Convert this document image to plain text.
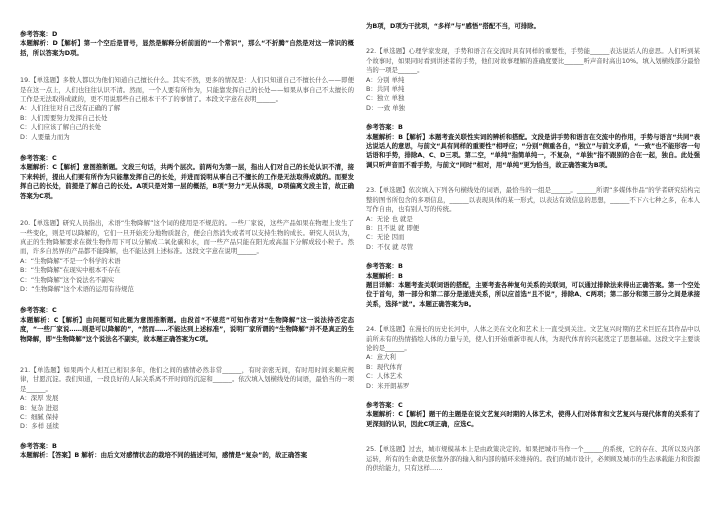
参考答案：D

本题解析：D【解析】第一个空后是冒号，显然是解释分析前面的“一个常识”，那么“不折腾”自然是对这一常识的概括，所以答案为D项。

19.【单选题】多数人都以为他们知道自己擅长什么。其实不然，更多的情况是：人们只知道自己不擅长什么——即便是在这一点上，人们也往往认识不清。然而，一个人要有所作为，只能靠发挥自己的长处——如果从事自己不太擅长的工作是无法取得成就的，更不用说那些自己根本干不了的事情了。本段文字意在表明______。

A：人们往往对自己没有正确的了解

B：人们需要努力发挥自己长处

C：人们应该了解自己的长处

D：人要量力而为

参考答案：C

本题解析：C【解析】意图推断题。文段三句话，共两个层次。前两句为第一层，指出人们对自己的长处认识不清，接下来转折，提出人们要有所作为只能靠发挥自己的长处，并进而说明从事自己不擅长的工作是无法取得成就的。而要发挥自己的长处，前提是了解自己的长处。A项只是对第一层的概括，B项“努力”无从体现，D项偏离文段主旨，故正确答案为C项。

20.【单选题】研究人员指出，术语“生物降解”这个词的使用是不规范的。一些厂家说，这些产品如果在物理上发生了一些变化，则是可以降解的，它们一旦开始充分地物质混合，便会自然消失或者可以支持生物的成长。研究人员认为，真正的生物降解要求在微生物作用下可以分解成二氧化碳和水，而一些产品只能在阳光或高温下分解成较小粒子。然而，许多自然界的产品都不能降解，也不能达到上述标准。这段文字意在说明______。

A：“生物降解”不是一个科学的术语

B：“生物降解”在现实中根本不存在

C：“生物降解”这个说法名不副实

D：“生物降解”这个术语的运用有待规范

参考答案：C

本题解析：C【解析】由问题可知此题为意图推断题。由段首“不规范”可知作者对“生物降解”这一说法持否定态度，“一些厂家说……则是可以降解的”，“然而……不能达到上述标准”，说明厂家所谓的“生物降解”并不是真正的生物降解，即“生物降解”这个说法名不副实，故本题正确答案为C项。

21.【单选题】如果两个人相互已相识多年，他们之间的感情必然非常______，有时亲密无间，有时用时间来顺应规律，甘愿沉淀。我们知道，一段良好的人际关系离不开时间的沉淀和______。依次填入划横线处的词语，最恰当的一项是______。

A：深厚 发展

B：复杂 进退

C：细腻 保持

D：多样 延续

参考答案：B

本题解析：【答案】B 解析：由后文对感情状态的栽培不同的描述可知，感情是“复杂”的，故正确答案

为B项，D项为干扰项，“多样”与“感悟”搭配不当，可排除。

22.【单选题】心理学家发现，手势和语言在交流时具有同样的重要性，手势能______表达说话人的意思。人们听到某个故事时，如果同时看到讲述者的手势，他们对故事理解的准确度要比______听声音时高出10%。填入划横线部分最恰当的一项是______。

A：分别 单纯

B：共同 单纯

C：独立 单独

D：一致 单独

参考答案：B

本题解析：B【解析】本题考查关联性实词的辨析和搭配。文段是讲手势和语言在交流中的作用，手势与语言“共同”表达说话人的意思，与前文“具有同样的重要性”相呼应；“分别”侧重各自，“独立”与前文矛盾，“一致”也不能形容一句话语和手势，排除A、C、D三项。第二空，“单纯”指简单纯一，不复杂，“单独”指不跟别的合在一起，独自。此处强调只听声音而不看手势，与前文“同时”相对，用“单纯”更为恰当，故正确答案为B项。

23.【单选题】依次填入下列各句横线处的词语，最恰当的一组是______。______所谓“多媒体作品”的学者研究结构完整的图书所包含的多项信息，______以表现具体的某一形式，以表达有效信息的思想，______不下六七种之多，在本人写作自由，也有别人写的传统。

A：无论 也 就是

B：且不说 就 即便

C：无论 因而

D：不仅 就 尽管

参考答案：B

本题解析：B

题目详解：本题考查关联词语的搭配，主要考查各种复句关系的关联词，可以通过排除法来得出正确答案。第一个空处位于首句，第一部分和第二部分是递进关系，所以应首选“且不说”，排除A、C两项；第二部分和第三部分之间是承接关系，选择“就”。本题正确答案为B。

24.【单选题】在漫长的历史长河中，人体之美在文化和艺术上一直受到关注。文艺复兴时期的艺术巨匠在其作品中以前所未有的热情描绘人体的力量与美，使人们开始重新审视人体，为现代体育的兴起奠定了思想基础。这段文字主要谈论的是______。

A：意大利

B：现代体育

C：人体艺术

D：米开朗基罗

参考答案：C

本题解析：C【解析】题干的主题是在说文艺复兴时期的人体艺术，使得人们对体育和文艺复兴与现代体育的关系有了更深刻的认识，因此C项正确，应选C。

25.【单选题】过去，城市规模基本上是由政策决定的。如果把城市当作一个______的系统，它的存在、其所以及内部运转，所有的生命就是依靠外部的输入和内部的循环来维持的。我们的城市设计，必须顾及城市的生态承载能力和资源的供给能力，只有这样……
